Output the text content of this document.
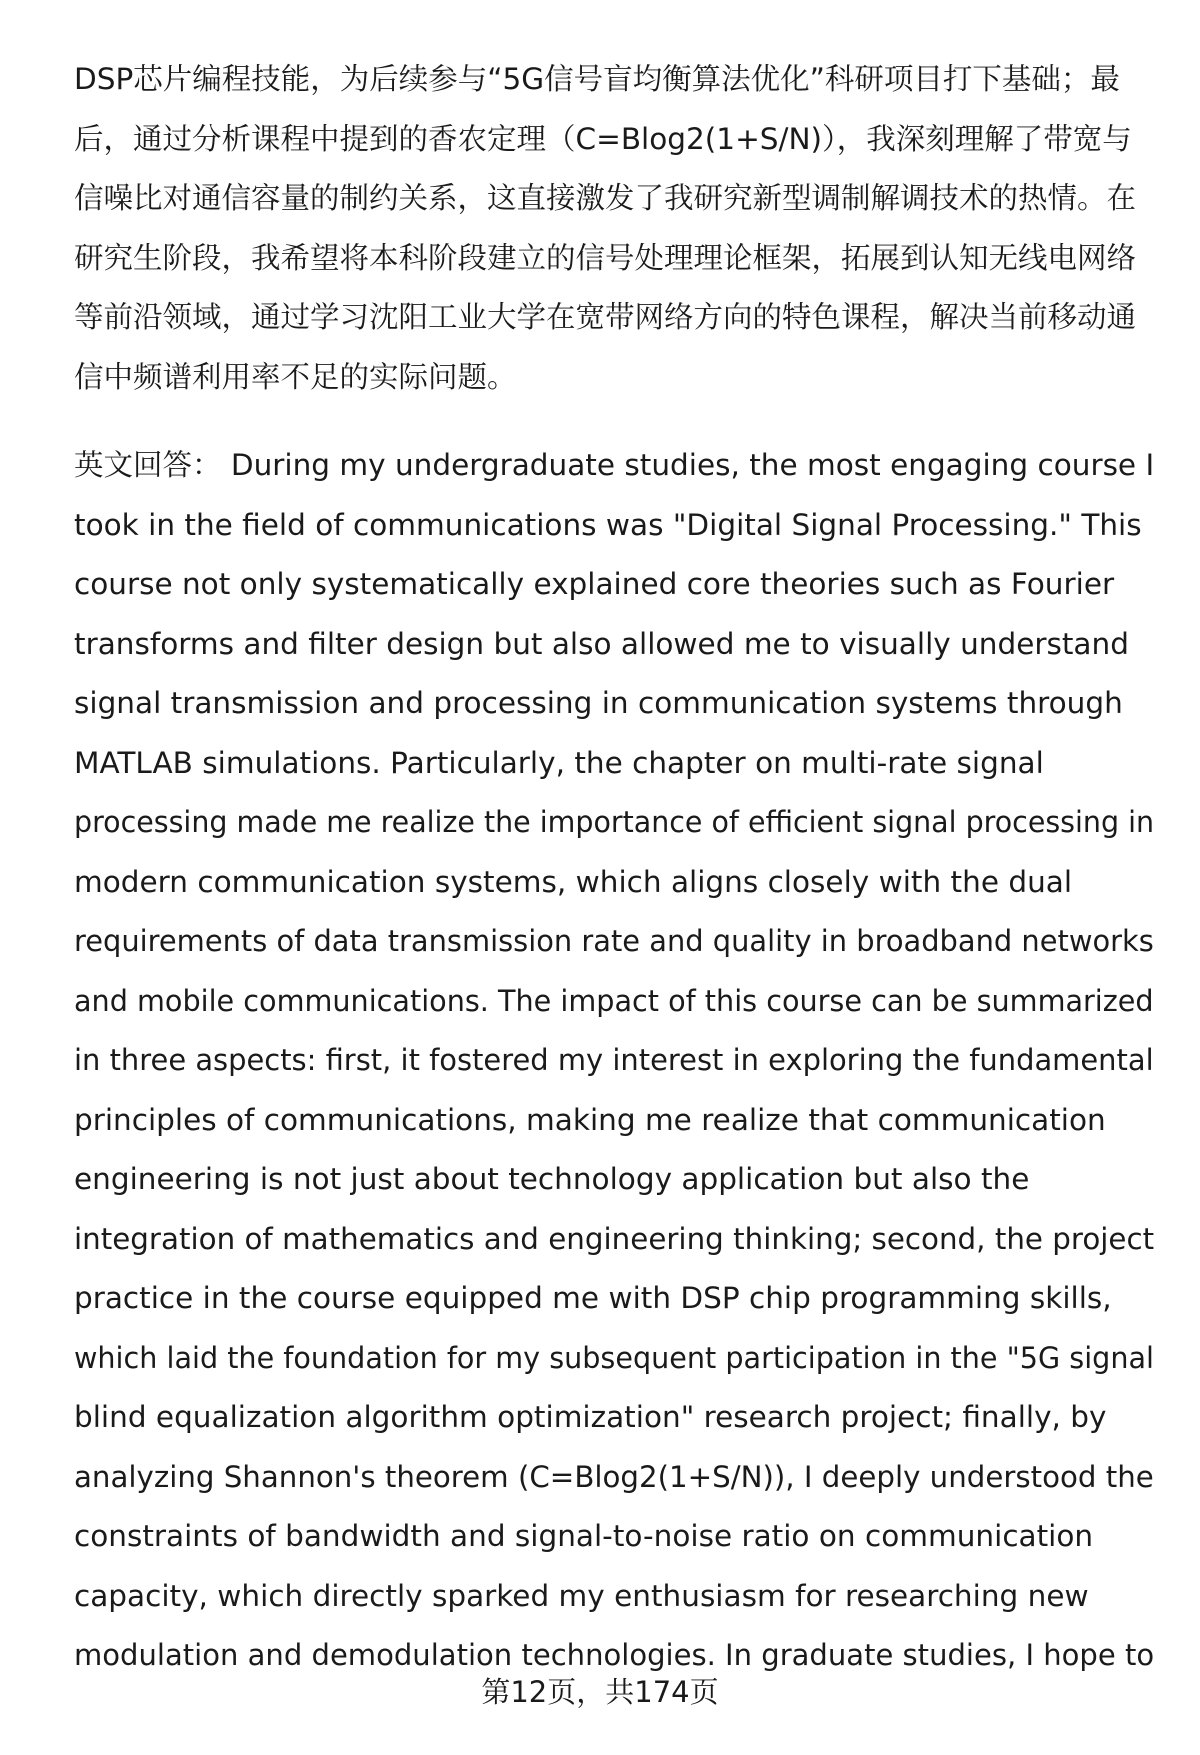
DSP芯片编程技能，为后续参与“5G信号盲均衡算法优化”科研项目打下基础；最
后，通过分析课程中提到的香农定理（C=Blog2(1+S/N)），我深刻理解了带宽与
信噪比对通信容量的制约关系，这直接激发了我研究新型调制解调技术的热情。在
研究生阶段，我希望将本科阶段建立的信号处理理论框架，拓展到认知无线电网络
等前沿领域，通过学习沈阳工业大学在宽带网络方向的特色课程，解决当前移动通
信中频谱利用率不足的实际问题。
英文回答： During my undergraduate studies, the most engaging course I
took in the field of communications was "Digital Signal Processing." This
course not only systematically explained core theories such as Fourier
transforms and filter design but also allowed me to visually understand
signal transmission and processing in communication systems through
MATLAB simulations. Particularly, the chapter on multi-rate signal
processing made me realize the importance of efficient signal processing in
modern communication systems, which aligns closely with the dual
requirements of data transmission rate and quality in broadband networks
and mobile communications. The impact of this course can be summarized
in three aspects: first, it fostered my interest in exploring the fundamental
principles of communications, making me realize that communication
engineering is not just about technology application but also the
integration of mathematics and engineering thinking; second, the project
practice in the course equipped me with DSP chip programming skills,
which laid the foundation for my subsequent participation in the "5G signal
blind equalization algorithm optimization" research project; finally, by
analyzing Shannon's theorem (C=Blog2(1+S/N)), I deeply understood the
constraints of bandwidth and signal-to-noise ratio on communication
capacity, which directly sparked my enthusiasm for researching new
modulation and demodulation technologies. In graduate studies, I hope to
第12页，共174页
